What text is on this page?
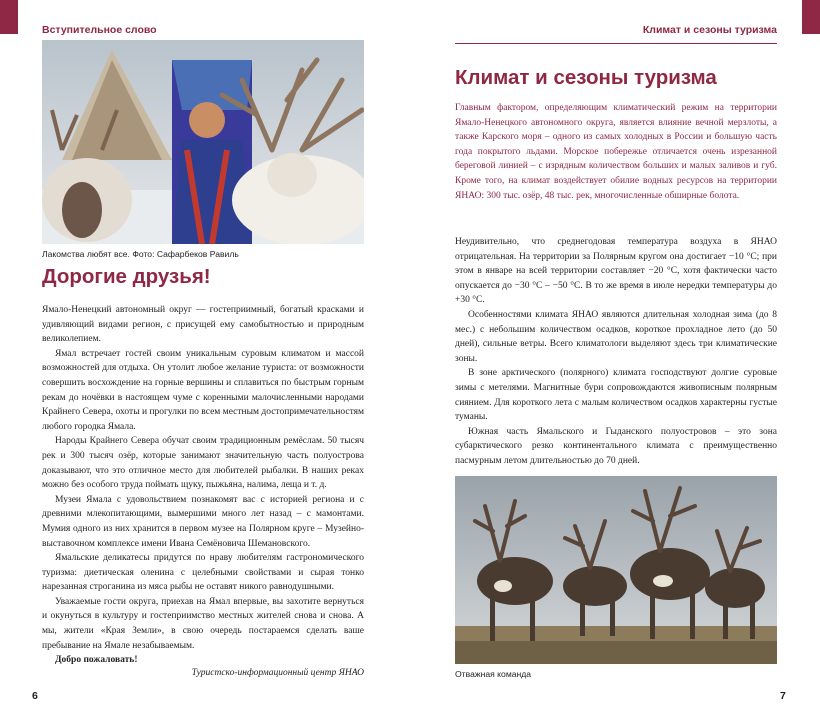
Вступительное слово
Лакомства любят все. Фото: Сафарбеков Равиль
Дорогие друзья!

Ямало-Ненецкий автономный округ — гостеприимный, богатый красками и удивляющий видами регион, с присущей ему самобытностью и природным великолепием.

Ямал встречает гостей своим уникальным суровым климатом и массой возможностей для отдыха. Он утолит любое желание туриста: от возможности совершить восхождение на горные вершины и сплавиться по быстрым горным рекам до ночёвки в настоящем чуме с коренными малочисленными народами Крайнего Севера, охоты и прогулки по всем местным достопримечательностям любого городка Ямала.

Народы Крайнего Севера обучат своим традиционным ремёслам. 50 тысяч рек и 300 тысяч озёр, которые занимают значительную часть полуострова доказывают, что это отличное место для любителей рыбалки. В наших реках можно без особого труда поймать щуку, пыжьяна, налима, леща и т. д.

Музеи Ямала с удовольствием познакомят вас с историей региона и с древними млекопитающими, вымершими много лет назад – с мамонтами. Мумия одного из них хранится в первом музее на Полярном круге – Музейно-выставочном комплексе имени Ивана Семёновича Шемановского.

Ямальские деликатесы придутся по нраву любителям гастрономического туризма: диетическая оленина с целебными свойствами и сырая тонко нарезанная строганина из мяса рыбы не оставят никого равнодушными.

Уважаемые гости округа, приехав на Ямал впервые, вы захотите вернуться и окунуться в культуру и гостеприимство местных жителей снова и снова. А мы, жители «Края Земли», в свою очередь постараемся сделать ваше пребывание на Ямале незабываемым.

Добро пожаловать!

Туристско-информационный центр ЯНАО
6
Климат и сезоны туризма
Климат и сезоны туризма

Главным фактором, определяющим климатический режим на территории Ямало-Ненецкого автономного округа, является влияние вечной мерзлоты, а также Карского моря – одного из самых холодных в России и большую часть года покрытого льдами. Морское побережье отличается очень изрезанной береговой линией – с изрядным количеством больших и малых заливов и губ. Кроме того, на климат воздействует обилие водных ресурсов на территории ЯНАО: 300 тыс. озёр, 48 тыс. рек, многочисленные обширные болота.

Неудивительно, что среднегодовая температура воздуха в ЯНАО отрицательная. На территории за Полярным кругом она достигает −10 °С; при этом в январе на всей территории составляет −20 °С, хотя фактически часто опускается до −30 °С – −50 °С. В то же время в июле нередки температуры до +30 °С.

Особенностями климата ЯНАО являются длительная холодная зима (до 8 мес.) с небольшим количеством осадков, короткое прохладное лето (до 50 дней), сильные ветры. Всего климатологи выделяют здесь три климатические зоны.

В зоне арктического (полярного) климата господствуют долгие суровые зимы с метелями. Магнитные бури сопровождаются живописным полярным сиянием. Для короткого лета с малым количеством осадков характерны густые туманы.

Южная часть Ямальского и Гыданского полуостровов – это зона субарктического резко континентального климата с преимущественно пасмурным летом длительностью до 70 дней.

Отважная команда
7
